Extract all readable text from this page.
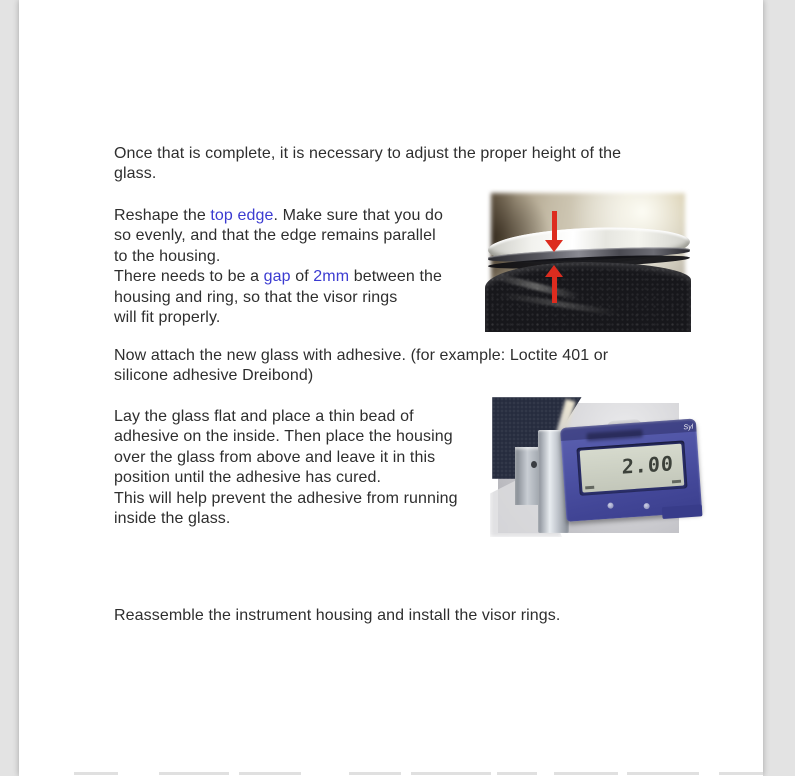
Once that is complete, it is necessary to adjust the proper height of the
glass.
Reshape the top edge. Make sure that you do
so evenly, and that the edge remains parallel
to the housing.
There needs to be a gap of 2mm between the
housing and ring, so that the visor rings
will fit properly.
Now attach the new glass with adhesive. (for example: Loctite 401 or
silicone adhesive Dreibond)
Lay the glass flat and place a thin bead of
adhesive on the inside. Then place the housing
over the glass from above and leave it in this
position until the adhesive has cured.
This will help prevent the adhesive from running
inside the glass.
Reassemble the instrument housing and install the visor rings.
Syl
2.00
